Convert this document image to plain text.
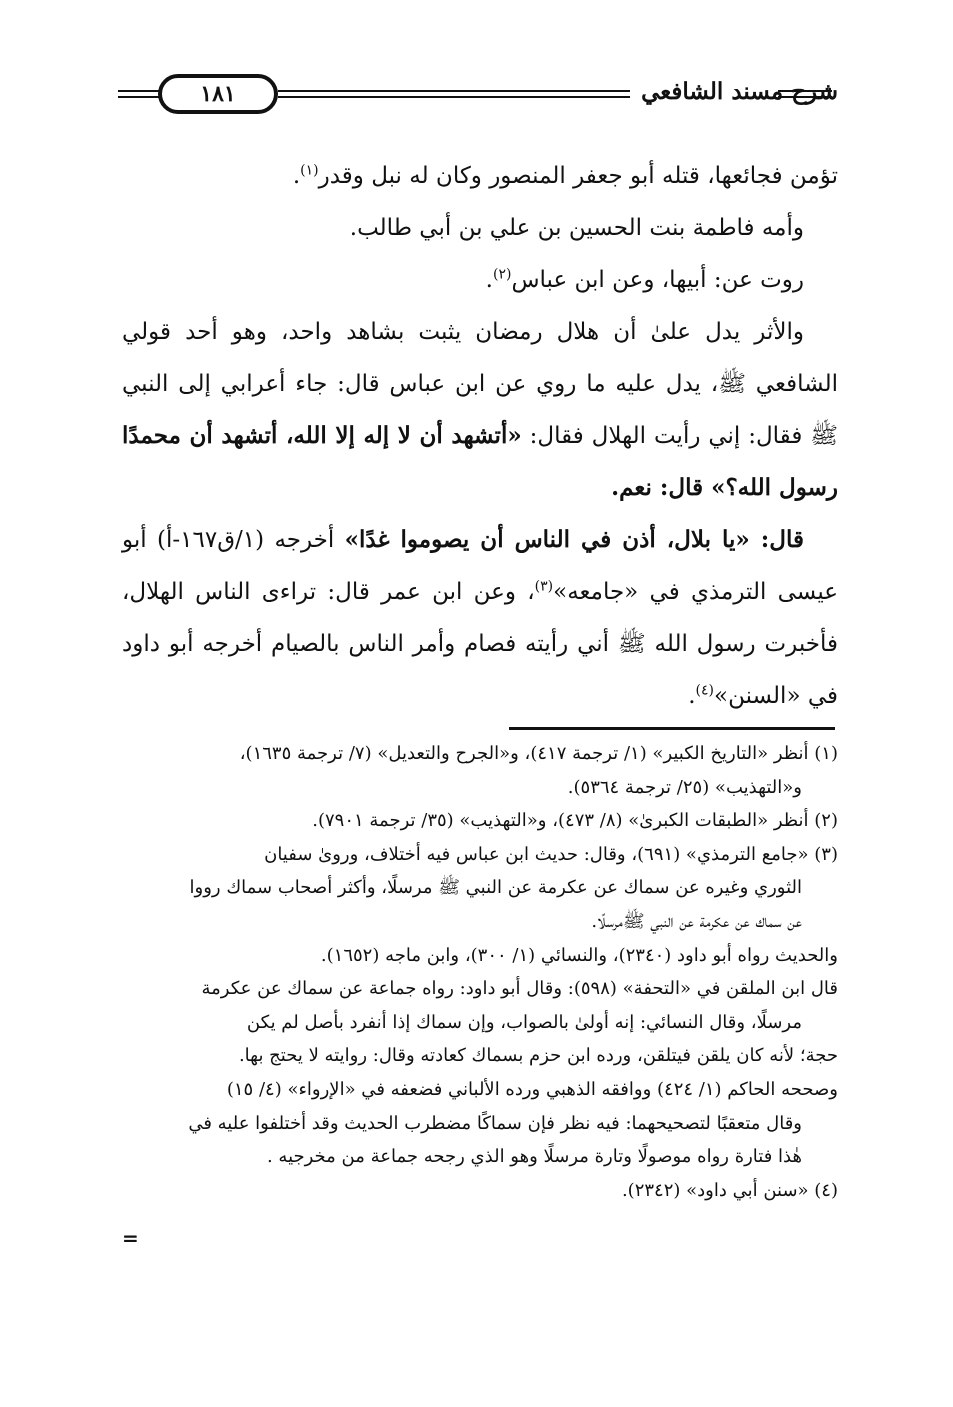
شرح مسند الشافعي
١٨١

تؤمن فجائعها، قتله أبو جعفر المنصور وكان له نبل وقدر$^{(١)}$.

وأمه فاطمة بنت الحسين بن علي بن أبي طالب.

روت عن: أبيها، وعن ابن عباس$^{(٢)}$.

والأثر يدل علىٰ أن هلال رمضان يثبت بشاهد واحد، وهو أحد قولي الشافعي ﷺ، يدل عليه ما روي عن ابن عباس قال: جاء أعرابي إلى النبي ﷺ فقال: إني رأيت الهلال فقال: «أتشهد أن لا إله إلا الله، أتشهد أن محمدًا رسول الله؟» قال: نعم.

قال: «يا بلال، أذن في الناس أن يصوموا غدًا» أخرجه (١/ق١٦٧-أ) أبو عيسى الترمذي في «جامعه»$^{(٣)}$، وعن ابن عمر قال: تراءى الناس الهلال، فأخبرت رسول الله ﷺ أني رأيته فصام وأمر الناس بالصيام أخرجه أبو داود في «السنن»$^{(٤)}$.

(١) أنظر «التاريخ الكبير» (١/ ترجمة ٤١٧)، و«الجرح والتعديل» (٧/ ترجمة ١٦٣٥)،

و«التهذيب» (٢٥/ ترجمة ٥٣٦٤).

(٢) أنظر «الطبقات الكبرىٰ» (٨/ ٤٧٣)، و«التهذيب» (٣٥/ ترجمة ٧٩٠١).

(٣) «جامع الترمذي» (٦٩١)، وقال: حديث ابن عباس فيه أختلاف، وروىٰ سفيان

الثوري وغيره عن سماك عن عكرمة عن النبي ﷺ مرسلًا، وأكثر أصحاب سماك رووا

عن سماك عن عكرمة عن النبي ﷺمرسلًا.

والحديث رواه أبو داود (٢٣٤٠)، والنسائي (١/ ٣٠٠)، وابن ماجه (١٦٥٢).

قال ابن الملقن في «التحفة» (٥٩٨): وقال أبو داود: رواه جماعة عن سماك عن عكرمة

مرسلًا، وقال النسائي: إنه أولىٰ بالصواب، وإن سماك إذا أنفرد بأصل لم يكن

حجة؛ لأنه كان يلقن فيتلقن، ورده ابن حزم بسماك كعادته وقال: روايته لا يحتج بها.

وصححه الحاكم (١/ ٤٢٤) ووافقه الذهبي ورده الألباني فضعفه في «الإرواء» (٤/ ١٥)

وقال متعقبًا لتصحيحهما: فيه نظر فإن سماكًا مضطرب الحديث وقد أختلفوا عليه في

هٰذا فتارة رواه موصولًا وتارة مرسلًا وهو الذي رجحه جماعة من مخرجيه .

(٤) «سنن أبي داود» (٢٣٤٢).

=
